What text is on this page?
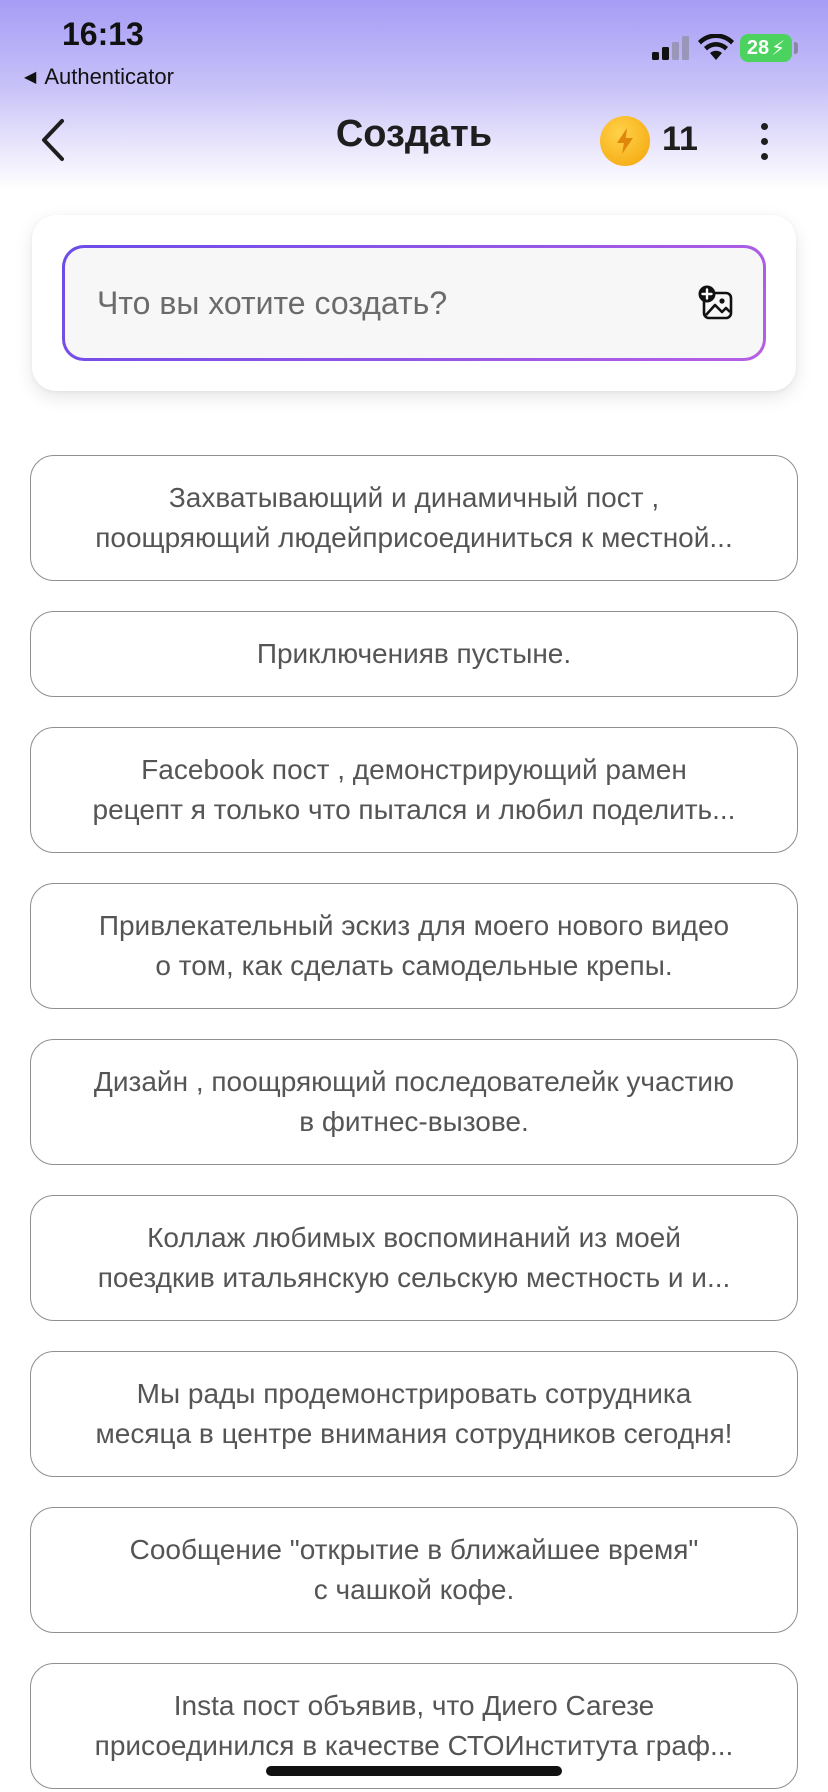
16:13
◀ Authenticator
28 ⚡
Создать	11
Что вы хотите создать?
Захватывающий и динамичный пост ,
поощряющий людейприсоединиться к местной...
Приключенияв пустыне.
Facebook пост , демонстрирующий рамен
рецепт я только что пытался и любил поделить...
Привлекательный эскиз для моего нового видео
о том, как сделать самодельные крепы.
Дизайн , поощряющий последователейк участию
в фитнес-вызове.
Коллаж любимых воспоминаний из моей
поездкив итальянскую сельскую местность и и...
Мы рады продемонстрировать сотрудника
месяца в центре внимания сотрудников сегодня!
Сообщение "открытие в ближайшее время"
с чашкой кофе.
Insta пост объявив, что Диего Сагезе
присоединился в качестве СТОИнститута граф...
